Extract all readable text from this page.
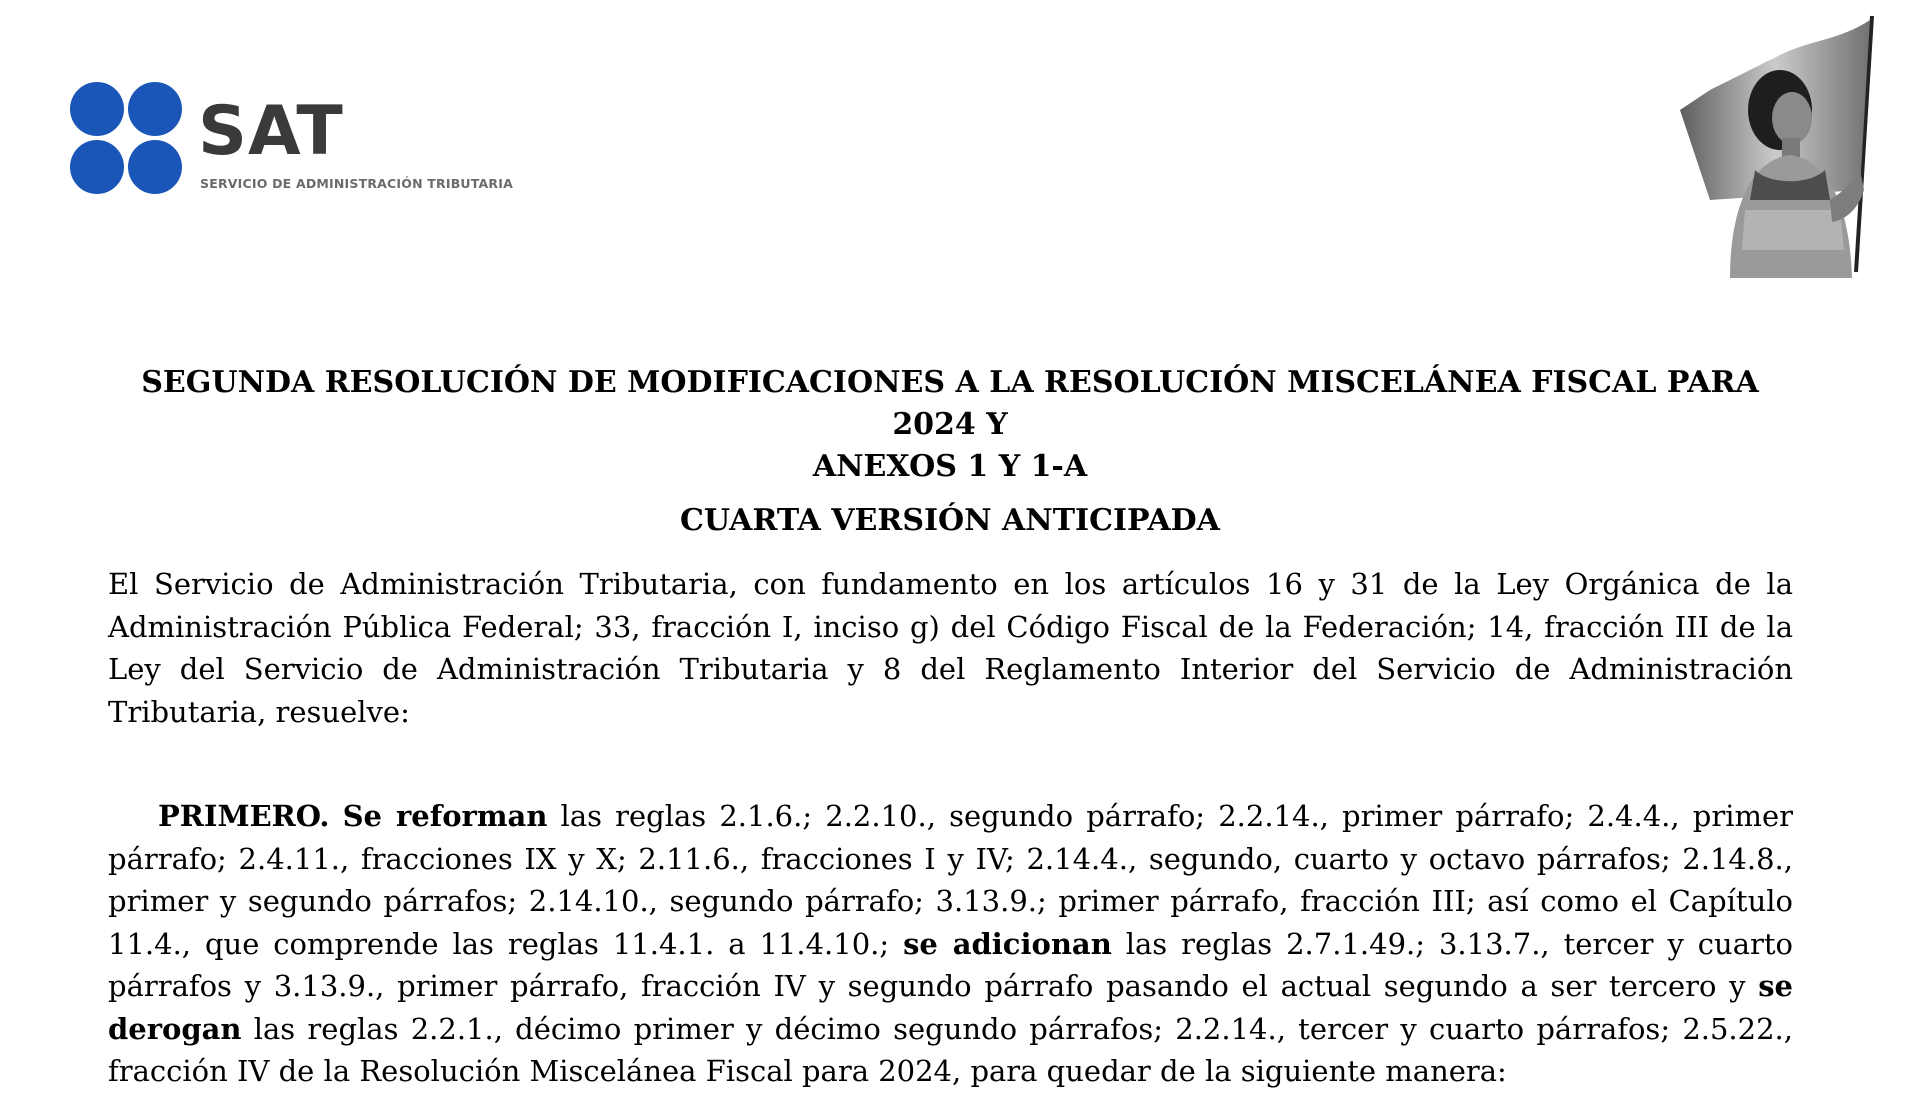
SAT
SERVICIO DE ADMINISTRACIÓN TRIBUTARIA
SEGUNDA RESOLUCIÓN DE MODIFICACIONES A LA RESOLUCIÓN MISCELÁNEA FISCAL PARA 2024 Y
ANEXOS 1 Y 1-A
CUARTA VERSIÓN ANTICIPADA
El Servicio de Administración Tributaria, con fundamento en los artículos 16 y 31 de la Ley Orgánica de la Administración Pública Federal; 33, fracción I, inciso g) del Código Fiscal de la Federación; 14, fracción III de la Ley del Servicio de Administración Tributaria y 8 del Reglamento Interior del Servicio de Administración Tributaria, resuelve:
PRIMERO. Se reforman las reglas 2.1.6.; 2.2.10., segundo párrafo; 2.2.14., primer párrafo; 2.4.4., primer párrafo; 2.4.11., fracciones IX y X; 2.11.6., fracciones I y IV; 2.14.4., segundo, cuarto y octavo párrafos; 2.14.8., primer y segundo párrafos; 2.14.10., segundo párrafo; 3.13.9.; primer párrafo, fracción III; así como el Capítulo 11.4., que comprende las reglas 11.4.1. a 11.4.10.; se adicionan las reglas 2.7.1.49.; 3.13.7., tercer y cuarto párrafos y 3.13.9., primer párrafo, fracción IV y segundo párrafo pasando el actual segundo a ser tercero y se derogan las reglas 2.2.1., décimo primer y décimo segundo párrafos; 2.2.14., tercer y cuarto párrafos; 2.5.22., fracción IV de la Resolución Miscelánea Fiscal para 2024, para quedar de la siguiente manera:
